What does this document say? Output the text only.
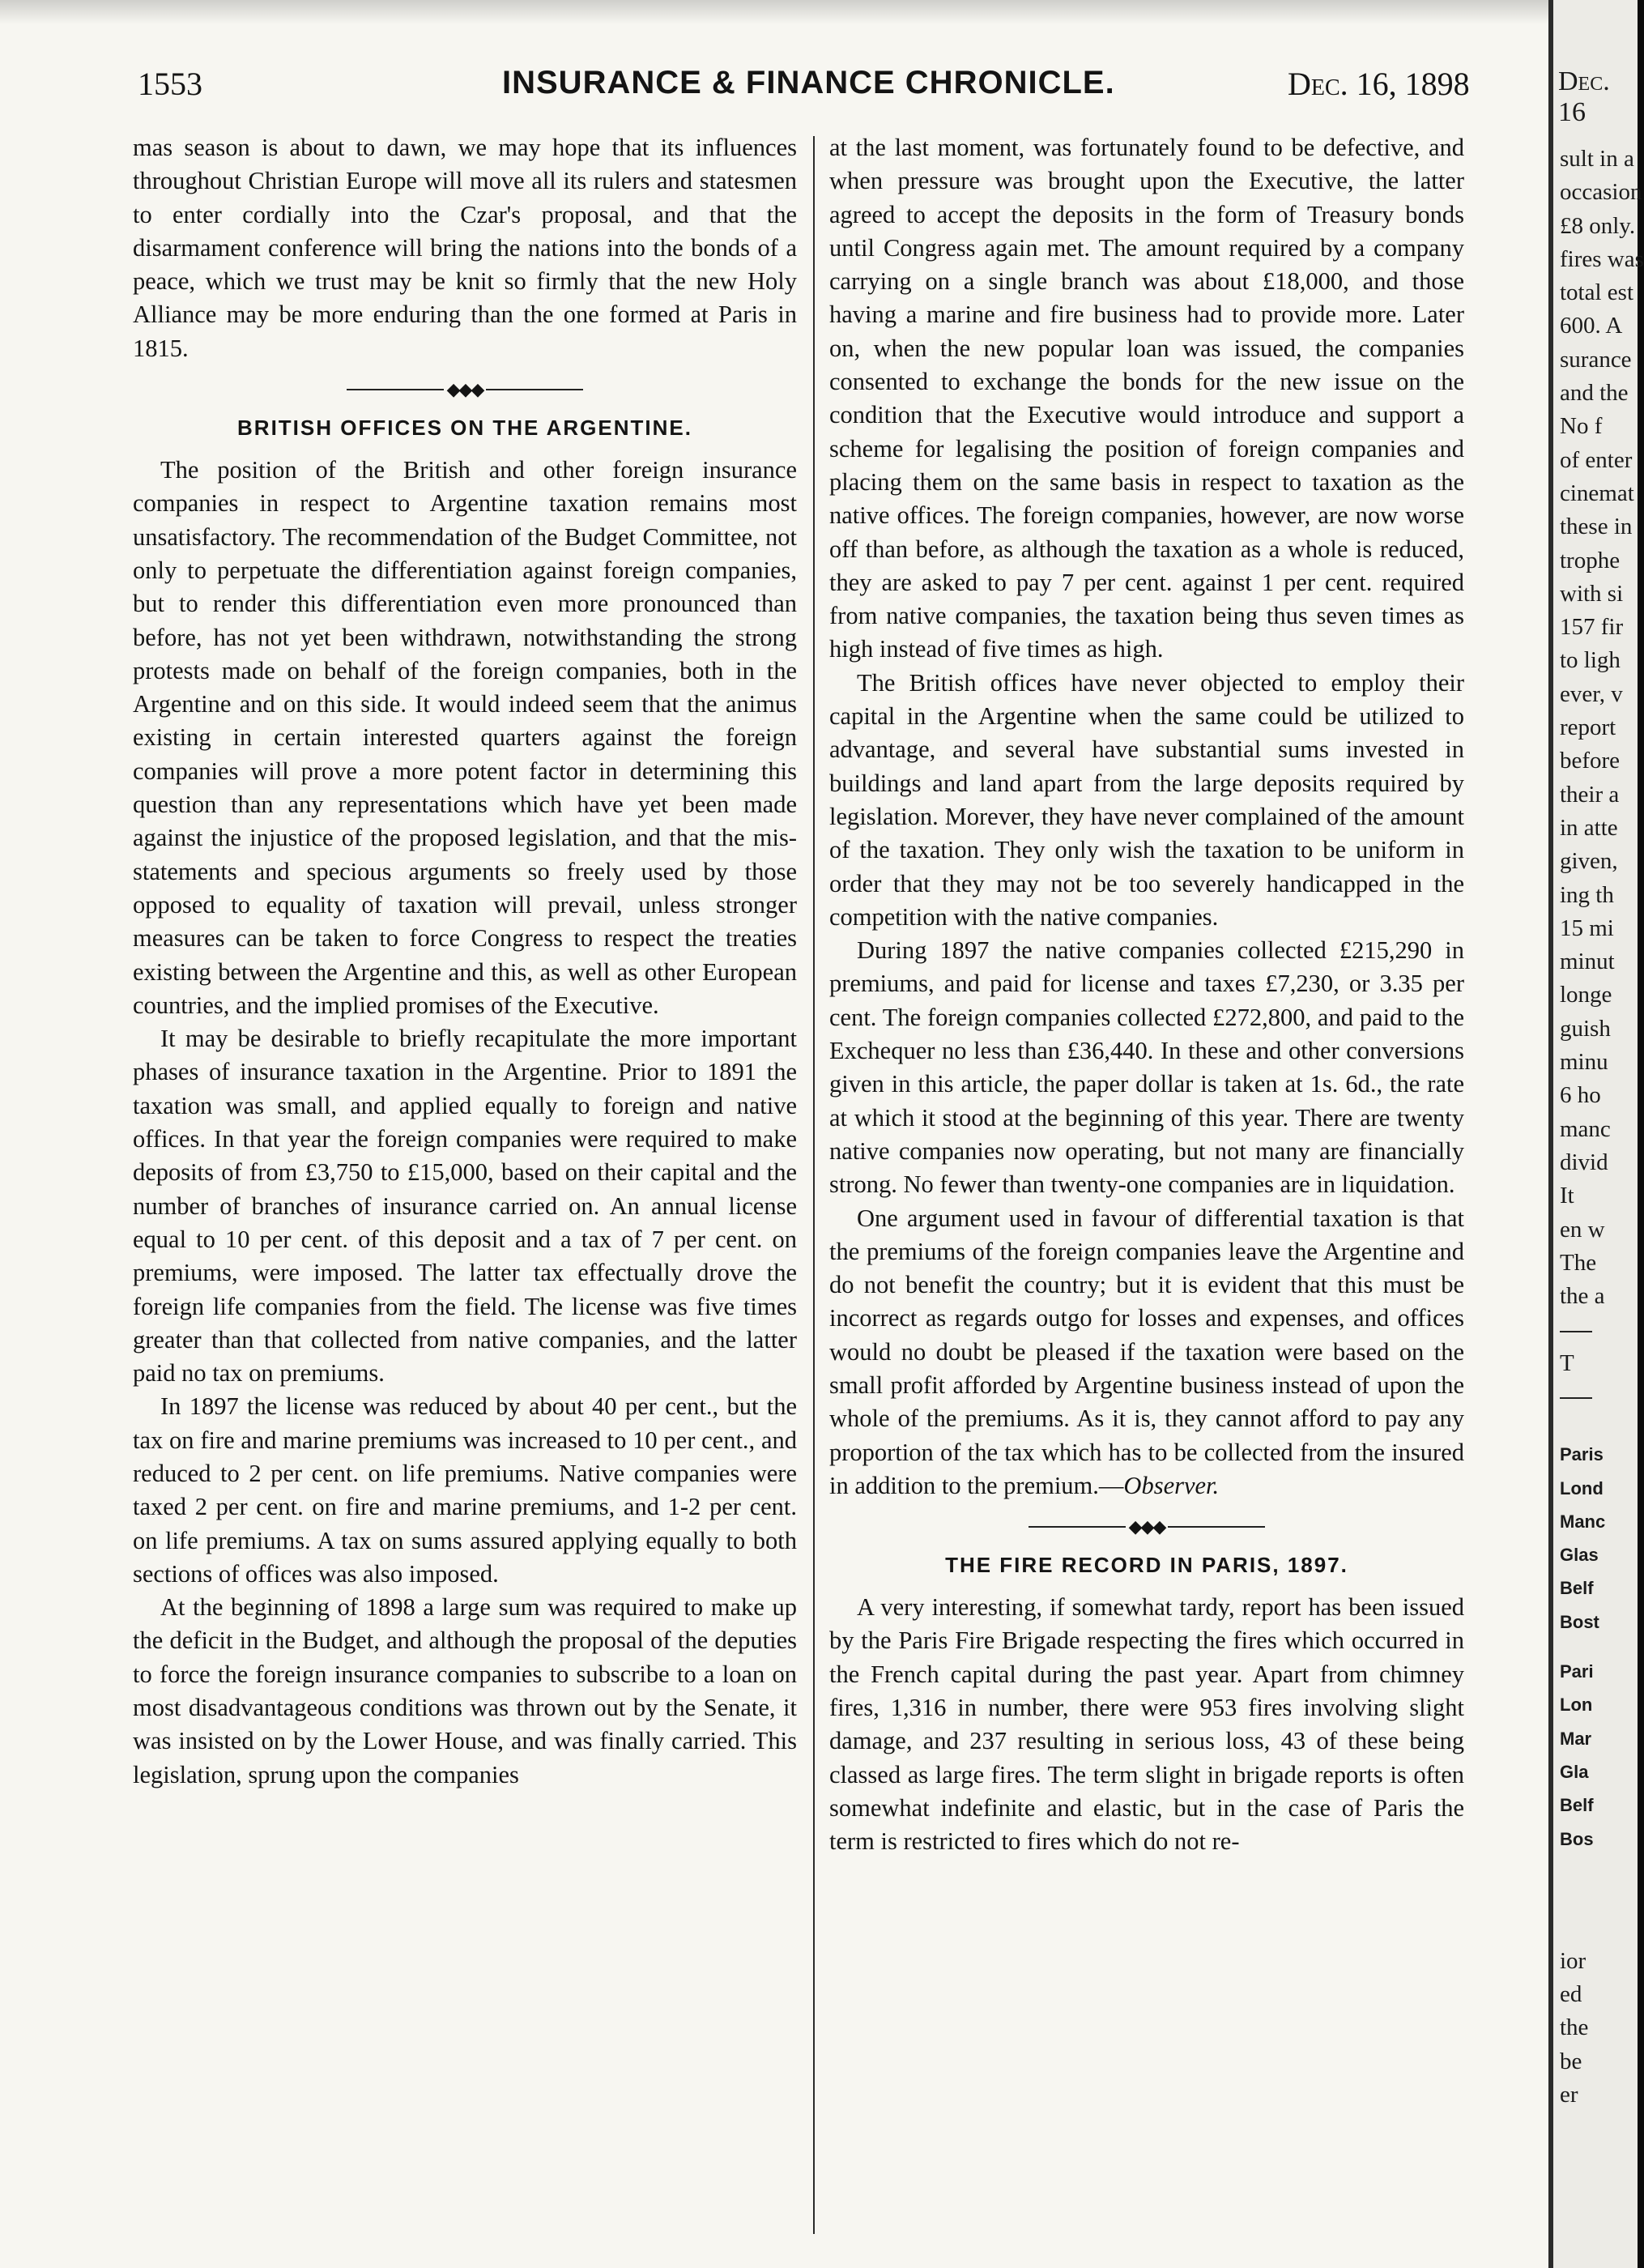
1553	INSURANCE & FINANCE CHRONICLE.	Dec. 16, 1898

mas season is about to dawn, we may hope that its influences throughout Christian Europe will move all its rulers and statesmen to enter cordially into the Czar's proposal, and that the disarmament conference will bring the nations into the bonds of a peace, which we trust may be knit so firmly that the new Holy Alliance may be more enduring than the one formed at Paris in 1815.

◆◆◆
BRITISH OFFICES ON THE ARGENTINE.

The position of the British and other foreign insurance companies in respect to Argentine taxation remains most unsatisfactory. The recommendation of the Budget Committee, not only to perpetuate the differentiation against foreign companies, but to render this differentiation even more pronounced than before, has not yet been withdrawn, notwithstanding the strong protests made on behalf of the foreign companies, both in the Argentine and on this side. It would indeed seem that the animus existing in certain interested quarters against the foreign companies will prove a more potent factor in determining this question than any representations which have yet been made against the injustice of the proposed legislation, and that the mis-statements and specious arguments so freely used by those opposed to equality of taxation will prevail, unless stronger measures can be taken to force Congress to respect the treaties existing between the Argentine and this, as well as other European countries, and the implied promises of the Executive.

It may be desirable to briefly recapitulate the more important phases of insurance taxation in the Argentine. Prior to 1891 the taxation was small, and applied equally to foreign and native offices. In that year the foreign companies were required to make deposits of from £3,750 to £15,000, based on their capital and the number of branches of insurance carried on. An annual license equal to 10 per cent. of this deposit and a tax of 7 per cent. on premiums, were imposed. The latter tax effectually drove the foreign life companies from the field. The license was five times greater than that collected from native companies, and the latter paid no tax on premiums.

In 1897 the license was reduced by about 40 per cent., but the tax on fire and marine premiums was increased to 10 per cent., and reduced to 2 per cent. on life premiums. Native companies were taxed 2 per cent. on fire and marine premiums, and 1-2 per cent. on life premiums. A tax on sums assured applying equally to both sections of offices was also imposed.

At the beginning of 1898 a large sum was required to make up the deficit in the Budget, and although the proposal of the deputies to force the foreign insurance companies to subscribe to a loan on most disadvantageous conditions was thrown out by the Senate, it was insisted on by the Lower House, and was finally carried. This legislation, sprung upon the companies

at the last moment, was fortunately found to be defective, and when pressure was brought upon the Executive, the latter agreed to accept the deposits in the form of Treasury bonds until Congress again met. The amount required by a company carrying on a single branch was about £18,000, and those having a marine and fire business had to provide more. Later on, when the new popular loan was issued, the companies consented to exchange the bonds for the new issue on the condition that the Executive would introduce and support a scheme for legalising the position of foreign companies and placing them on the same basis in respect to taxation as the native offices. The foreign companies, however, are now worse off than before, as although the taxation as a whole is reduced, they are asked to pay 7 per cent. against 1 per cent. required from native companies, the taxation being thus seven times as high instead of five times as high.

The British offices have never objected to employ their capital in the Argentine when the same could be utilized to advantage, and several have substantial sums invested in buildings and land apart from the large deposits required by legislation. Morever, they have never complained of the amount of the taxation. They only wish the taxation to be uniform in order that they may not be too severely handicapped in the competition with the native companies.

During 1897 the native companies collected £215,290 in premiums, and paid for license and taxes £7,230, or 3.35 per cent. The foreign companies collected £272,800, and paid to the Exchequer no less than £36,440. In these and other conversions given in this article, the paper dollar is taken at 1s. 6d., the rate at which it stood at the beginning of this year. There are twenty native companies now operating, but not many are financially strong. No fewer than twenty-one companies are in liquidation.

One argument used in favour of differential taxation is that the premiums of the foreign companies leave the Argentine and do not benefit the country; but it is evident that this must be incorrect as regards outgo for losses and expenses, and offices would no doubt be pleased if the taxation were based on the small profit afforded by Argentine business instead of upon the whole of the premiums. As it is, they cannot afford to pay any proportion of the tax which has to be collected from the insured in addition to the premium.—Observer.

◆◆◆
THE FIRE RECORD IN PARIS, 1897.

A very interesting, if somewhat tardy, report has been issued by the Paris Fire Brigade respecting the fires which occurred in the French capital during the past year. Apart from chimney fires, 1,316 in number, there were 953 fires involving slight damage, and 237 resulting in serious loss, 43 of these being classed as large fires. The term slight in brigade reports is often somewhat indefinite and elastic, but in the case of Paris the term is restricted to fires which do not re-

Dec. 16
sult in a
occasion
£8 only.
fires was
total est
600. A
surance
and the
No f
of enter
cinemat
these in
trophe
with si
157 fir
to ligh
ever, v
report
before
their a
in atte
given,
ing th
15 mi
minut
longe
guish
minu
6 ho
manc
divid
It
en w
The
the a
T
Paris
Lond
Manc
Glas
Belf
Bost
Pari
Lon
Mar
Gla
Belf
Bos
ior
ed
the
be
er
